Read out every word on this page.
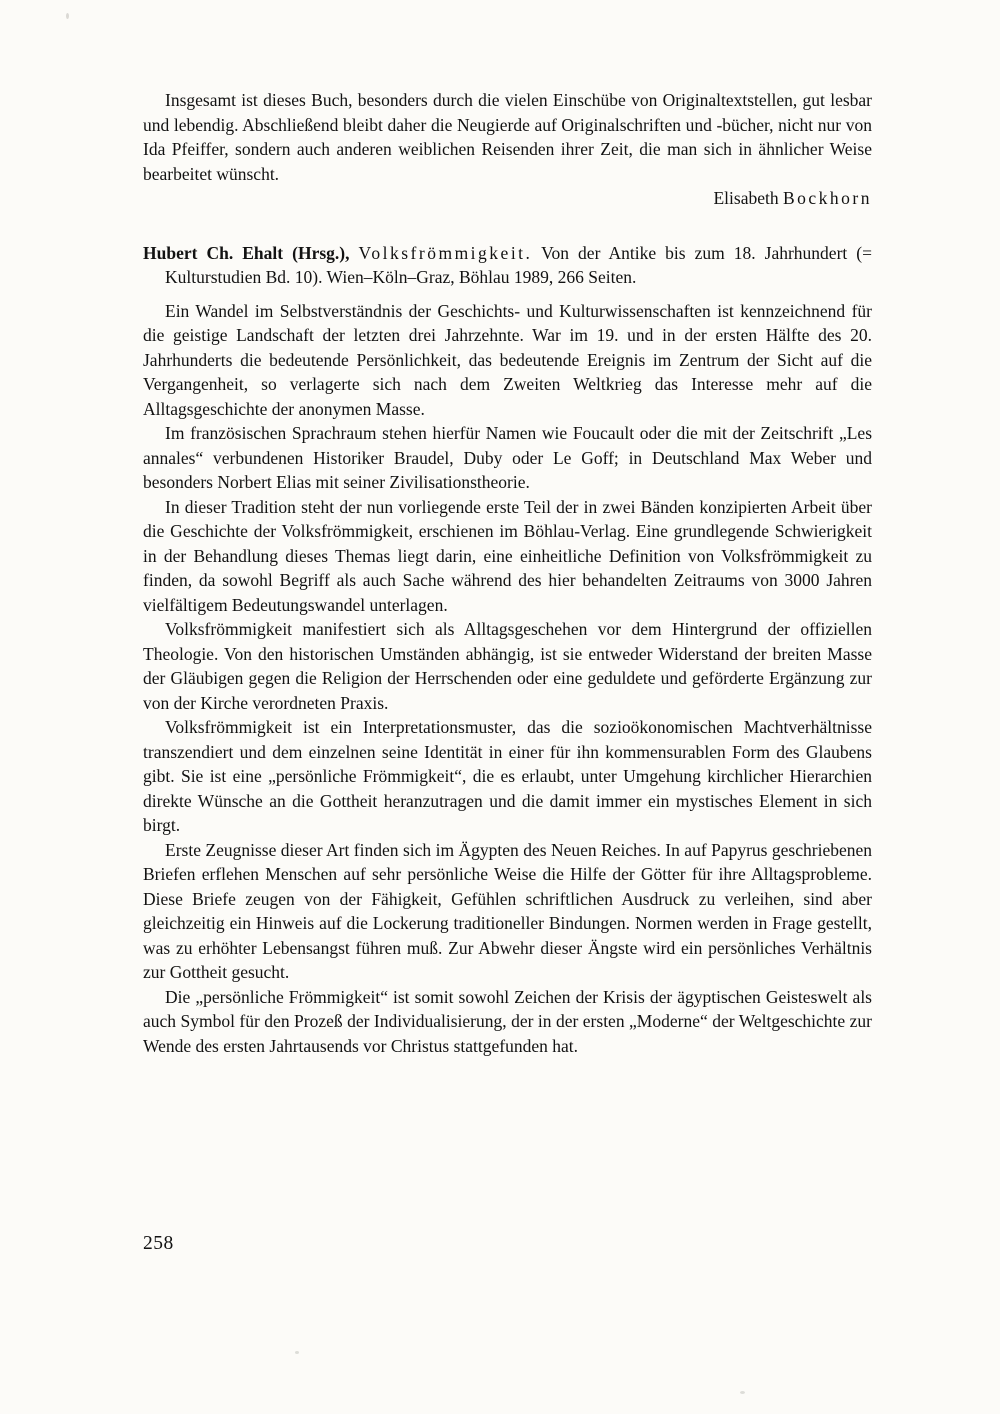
Insgesamt ist dieses Buch, besonders durch die vielen Einschübe von Originaltextstellen, gut lesbar und lebendig. Abschließend bleibt daher die Neugierde auf Originalschriften und -bücher, nicht nur von Ida Pfeiffer, sondern auch anderen weiblichen Reisenden ihrer Zeit, die man sich in ähnlicher Weise bearbeitet wünscht.

Elisabeth Bockhorn

Hubert Ch. Ehalt (Hrsg.), Volksfrömmigkeit. Von der Antike bis zum 18. Jahrhundert (= Kulturstudien Bd. 10). Wien–Köln–Graz, Böhlau 1989, 266 Seiten.

Ein Wandel im Selbstverständnis der Geschichts- und Kulturwissenschaften ist kennzeichnend für die geistige Landschaft der letzten drei Jahrzehnte. War im 19. und in der ersten Hälfte des 20. Jahrhunderts die bedeutende Persönlichkeit, das bedeutende Ereignis im Zentrum der Sicht auf die Vergangenheit, so verlagerte sich nach dem Zweiten Weltkrieg das Interesse mehr auf die Alltagsgeschichte der anonymen Masse.

Im französischen Sprachraum stehen hierfür Namen wie Foucault oder die mit der Zeitschrift „Les annales“ verbundenen Historiker Braudel, Duby oder Le Goff; in Deutschland Max Weber und besonders Norbert Elias mit seiner Zivilisationstheorie.

In dieser Tradition steht der nun vorliegende erste Teil der in zwei Bänden konzipierten Arbeit über die Geschichte der Volksfrömmigkeit, erschienen im Böhlau-Verlag. Eine grundlegende Schwierigkeit in der Behandlung dieses Themas liegt darin, eine einheitliche Definition von Volksfrömmigkeit zu finden, da sowohl Begriff als auch Sache während des hier behandelten Zeitraums von 3000 Jahren vielfältigem Bedeutungswandel unterlagen.

Volksfrömmigkeit manifestiert sich als Alltagsgeschehen vor dem Hintergrund der offiziellen Theologie. Von den historischen Umständen abhängig, ist sie entweder Widerstand der breiten Masse der Gläubigen gegen die Religion der Herrschenden oder eine geduldete und geförderte Ergänzung zur von der Kirche verordneten Praxis.

Volksfrömmigkeit ist ein Interpretationsmuster, das die sozioökonomischen Machtverhältnisse transzendiert und dem einzelnen seine Identität in einer für ihn kommensurablen Form des Glaubens gibt. Sie ist eine „persönliche Frömmigkeit“, die es erlaubt, unter Umgehung kirchlicher Hierarchien direkte Wünsche an die Gottheit heranzutragen und die damit immer ein mystisches Element in sich birgt.

Erste Zeugnisse dieser Art finden sich im Ägypten des Neuen Reiches. In auf Papyrus geschriebenen Briefen erflehen Menschen auf sehr persönliche Weise die Hilfe der Götter für ihre Alltagsprobleme. Diese Briefe zeugen von der Fähigkeit, Gefühlen schriftlichen Ausdruck zu verleihen, sind aber gleichzeitig ein Hinweis auf die Lockerung traditioneller Bindungen. Normen werden in Frage gestellt, was zu erhöhter Lebensangst führen muß. Zur Abwehr dieser Ängste wird ein persönliches Verhältnis zur Gottheit gesucht.

Die „persönliche Frömmigkeit“ ist somit sowohl Zeichen der Krisis der ägyptischen Geisteswelt als auch Symbol für den Prozeß der Individualisierung, der in der ersten „Moderne“ der Weltgeschichte zur Wende des ersten Jahrtausends vor Christus stattgefunden hat.

258
